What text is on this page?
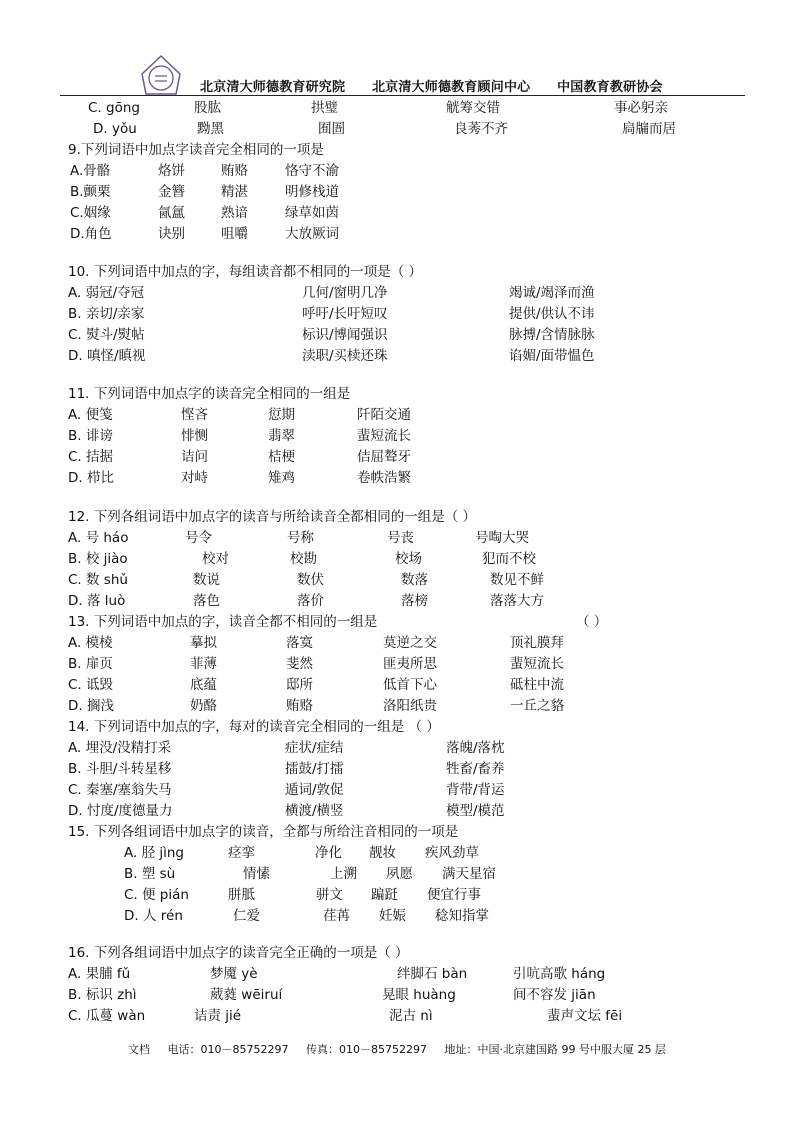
北京清大师德教育研究院 北京清大师德教育顾问中心 中国教育教研协会
C. gōng	股肱	拱璧	觥筹交错	事必躬亲
D. yǒu	黝黑	囿圄	良莠不齐	扃牖而居
9.下列词语中加点字读音完全相同的一项是
A.骨骼	烙饼	贿赂	恪守不渝
B.颤栗	金簪	精湛	明修栈道
C.姻缘	氤氲	熟谙	绿草如茵
D.角色	诀别	咀嚼	大放厥词
10. 下列词语中加点的字，每组读音都不相同的一项是（ ）
A. 弱冠/夺冠	几何/窗明几净	竭诚/竭泽而渔
B. 亲切/亲家	呼吁/长吁短叹	提供/供认不讳
C. 熨斗/熨帖	标识/博闻强识	脉搏/含情脉脉
D. 嗔怪/瞋视	渎职/买椟还珠	谄媚/面带愠色
11. 下列词语中加点字的读音完全相同的一组是
A. 便笺	悭吝	愆期	阡陌交通
B. 诽谤	悱恻	翡翠	蜚短流长
C. 拮据	诘问	桔梗	佶屈聱牙
D. 栉比	对峙	雉鸡	卷帙浩繁
12. 下列各组词语中加点字的读音与所给读音全都相同的一组是（ ）
A. 号 háo	号令	号称	号丧	号啕大哭
B. 校 jiào	校对	校勘	校场	犯而不校
C. 数 shǔ	数说	数伏	数落	数见不鲜
D. 落 luò	落色	落价	落榜	落落大方
13. 下列词语中加点的字，读音全都不相同的一组是	（ ）
A. 模棱	摹拟	落寞	莫逆之交	顶礼膜拜
B. 扉页	菲薄	斐然	匪夷所思	蜚短流长
C. 诋毁	底蕴	邸所	低首下心	砥柱中流
D. 搁浅	奶酪	贿赂	洛阳纸贵	一丘之貉
14. 下列词语中加点的字，每对的读音完全相同的一组是 （ ）
A. 埋没/没精打采	症状/症结	落魄/落枕
B. 斗胆/斗转星移	擂鼓/打擂	牲畜/畜养
C. 秦塞/塞翁失马	遁词/敦促	背带/背运
D. 忖度/度德量力	横渡/横竖	模型/模范
15. 下列各组词语中加点字的读音，全都与所给注音相同的一项是
A. 胫 jìng	痉挛	净化 靓妆 疾风劲草
B. 塑 sù	情愫	上溯 夙愿 满天星宿
C. 便 pián	胼胝	骈文 蹁跹 便宜行事
D. 人 rén	仁爱	荏苒 妊娠 稔知指掌
16. 下列各组词语中加点字的读音完全正确的一项是（ ）
A. 果脯 fǔ	梦魇 yè	绊脚石 bàn	引吭高歌 háng
B. 标识 zhì	葳蕤 wēiruí	晃眼 huàng	间不容发 jiān
C. 瓜蔓 wàn	诘责 jié	泥古 nì	蜚声文坛 fēi
文档 电话：010－85752297 传真：010－85752297 地址：中国·北京建国路 99 号中服大厦 25 层
